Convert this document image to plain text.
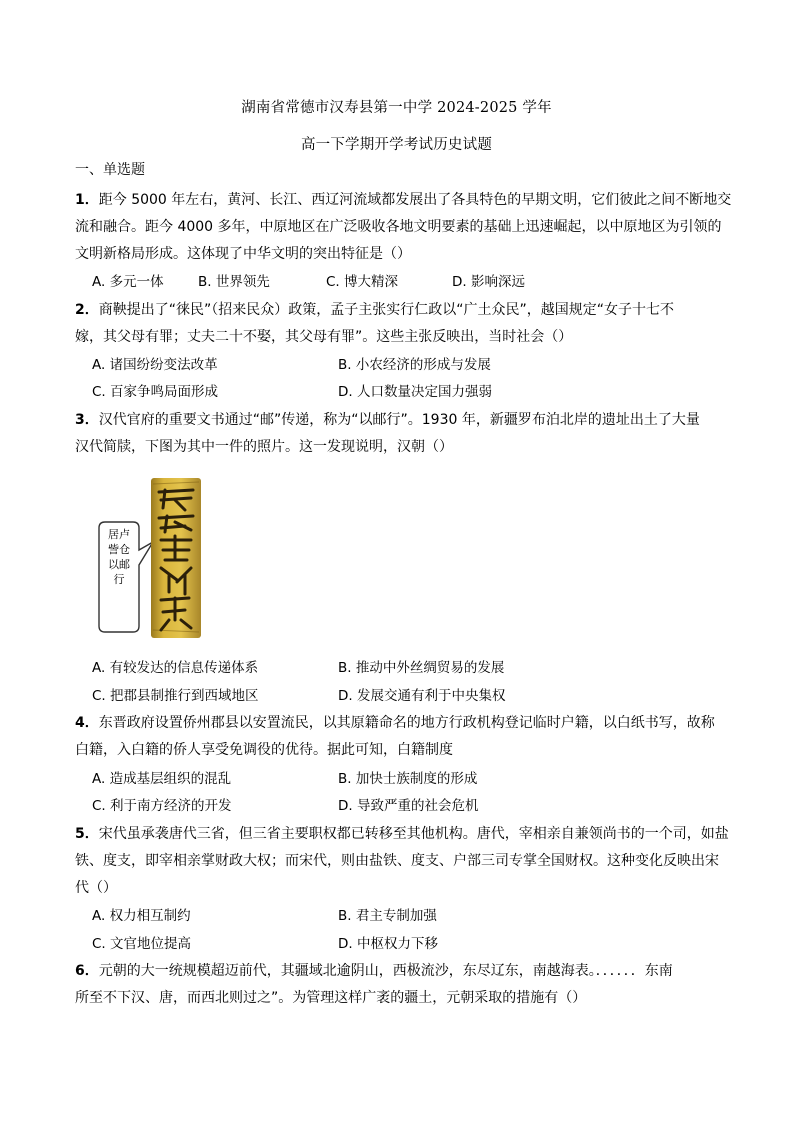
湖南省常德市汉寿县第一中学 2024-2025 学年
高一下学期开学考试历史试题
一、单选题
1．距今 5000 年左右，黄河、长江、西辽河流域都发展出了各具特色的早期文明，它们彼此之间不断地交
流和融合。距今 4000 多年，中原地区在广泛吸收各地文明要素的基础上迅速崛起，以中原地区为引领的
文明新格局形成。这体现了中华文明的突出特征是（）
A. 多元一体	B. 世界领先	C. 博大精深	D. 影响深远
2．商鞅提出了“徕民”（招来民众）政策，孟子主张实行仁政以“广土众民”，越国规定“女子十七不
嫁，其父母有罪；丈夫二十不娶，其父母有罪”。这些主张反映出，当时社会（）
A. 诸国纷纷变法改革	B. 小农经济的形成与发展
C. 百家争鸣局面形成	D. 人口数量决定国力强弱
3．汉代官府的重要文书通过“邮”传递，称为“以邮行”。1930 年，新疆罗布泊北岸的遗址出土了大量
汉代简牍，下图为其中一件的照片。这一发现说明，汉朝（）
居卢訾仓以邮行
A. 有较发达的信息传递体系	B. 推动中外丝绸贸易的发展
C. 把郡县制推行到西域地区	D. 发展交通有利于中央集权
4．东晋政府设置侨州郡县以安置流民，以其原籍命名的地方行政机构登记临时户籍，以白纸书写，故称
白籍，入白籍的侨人享受免调役的优待。据此可知，白籍制度
A. 造成基层组织的混乱	B. 加快士族制度的形成
C. 利于南方经济的开发	D. 导致严重的社会危机
5．宋代虽承袭唐代三省，但三省主要职权都已转移至其他机构。唐代，宰相亲自兼领尚书的一个司，如盐
铁、度支，即宰相亲掌财政大权；而宋代，则由盐铁、度支、户部三司专掌全国财权。这种变化反映出宋
代（）
A. 权力相互制约	B. 君主专制加强
C. 文官地位提高	D. 中枢权力下移
6．元朝的大一统规模超迈前代，其疆域北逾阴山，西极流沙，东尽辽东，南越海表。．．．．．．东南
所至不下汉、唐，而西北则过之”。为管理这样广袤的疆土，元朝采取的措施有（）
